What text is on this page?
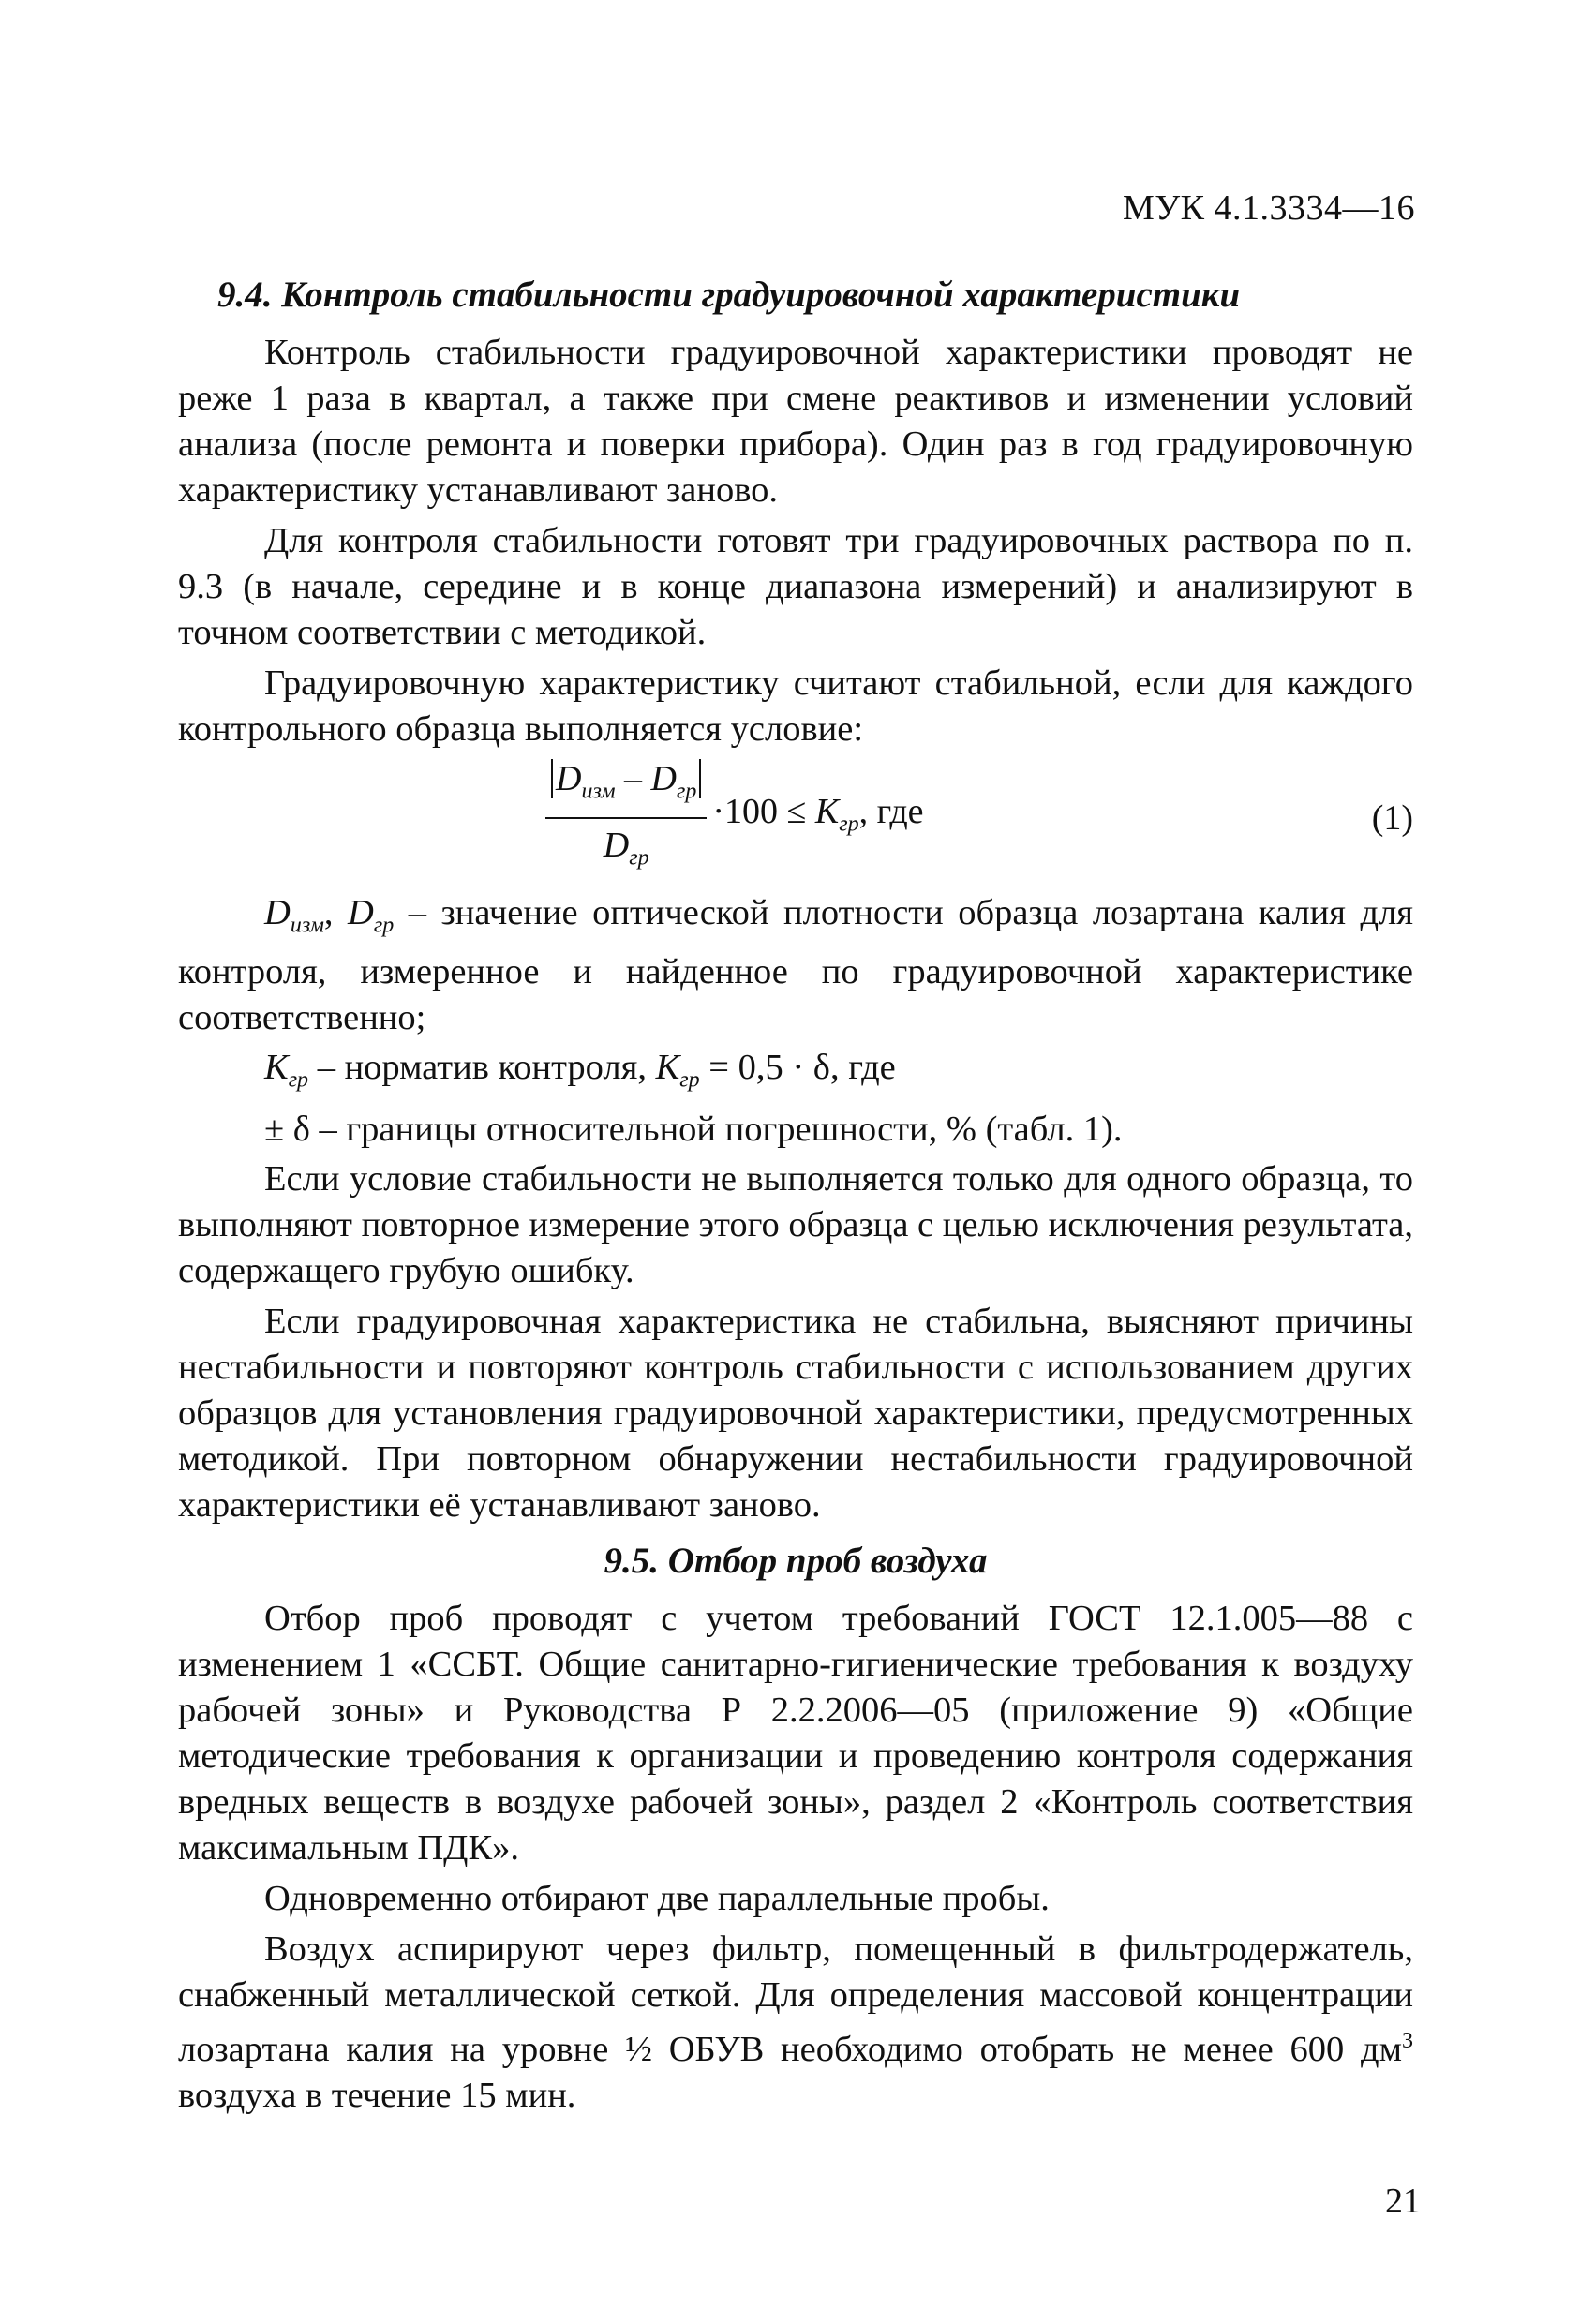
МУК 4.1.3334—16
9.4. Контроль стабильности градуировочной характеристики

Контроль стабильности градуировочной характеристики проводят не реже 1 раза в квартал, а также при смене реактивов и изменении условий анализа (после ремонта и поверки прибора). Один раз в год градуировочную характеристику устанавливают заново.

Для контроля стабильности готовят три градуировочных раствора по п. 9.3 (в начале, середине и в конце диапазона измерений) и анализируют в точном соответствии с методикой.

Градуировочную характеристику считают стабильной, если для каждого контрольного образца выполняется условие:

$\frac{D_{изм} - D_{гр}}{D_{гр}} \cdot 100 \le K_{гр}$, где	(1)

$D_{изм}$, $D_{гр}$ – значение оптической плотности образца лозартана калия для контроля, измеренное и найденное по градуировочной характеристике соответственно;

$K_{гр}$ – норматив контроля, $K_{гр} = 0,5 \cdot \delta$, где

± δ – границы относительной погрешности, % (табл. 1).

Если условие стабильности не выполняется только для одного образца, то выполняют повторное измерение этого образца с целью исключения результата, содержащего грубую ошибку.

Если градуировочная характеристика не стабильна, выясняют причины нестабильности и повторяют контроль стабильности с использованием других образцов для установления градуировочной характеристики, предусмотренных методикой. При повторном обнаружении нестабильности градуировочной характеристики её устанавливают заново.

9.5. Отбор проб воздуха

Отбор проб проводят с учетом требований ГОСТ 12.1.005—88 с изменением 1 «ССБТ. Общие санитарно-гигиенические требования к воздуху рабочей зоны» и Руководства Р 2.2.2006—05 (приложение 9) «Общие методические требования к организации и проведению контроля содержания вредных веществ в воздухе рабочей зоны», раздел 2 «Контроль соответствия максимальным ПДК».

Одновременно отбирают две параллельные пробы.

Воздух аспирируют через фильтр, помещенный в фильтродержатель, снабженный металлической сеткой. Для определения массовой концентрации лозартана калия на уровне ½ ОБУВ необходимо отобрать не менее 600 $дм^3$ воздуха в течение 15 мин.

21
